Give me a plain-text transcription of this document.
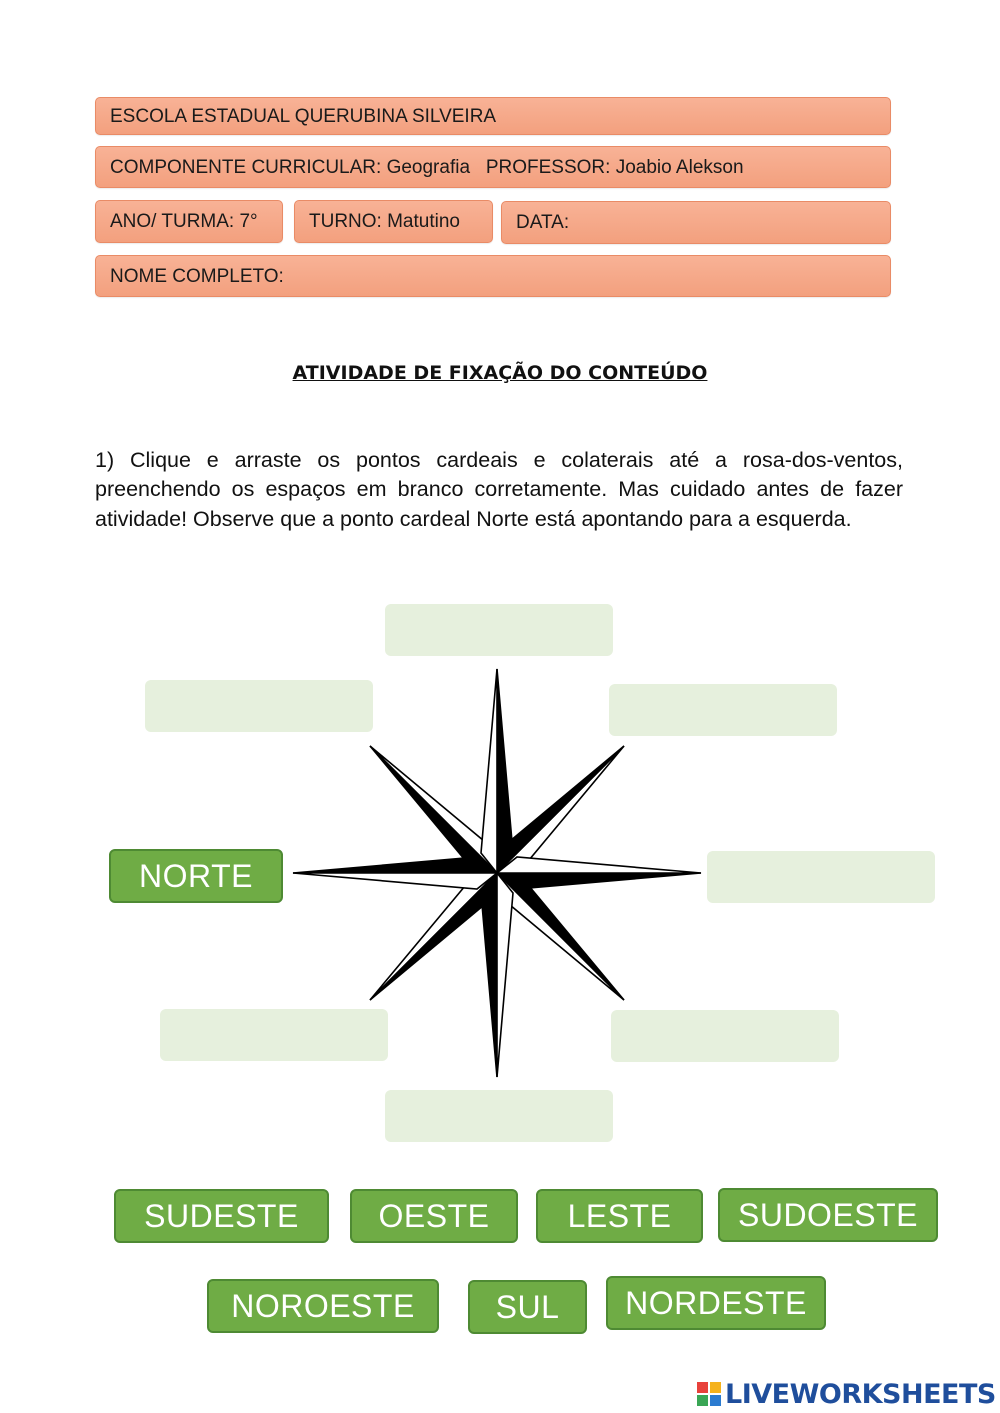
ESCOLA ESTADUAL QUERUBINA SILVEIRA
COMPONENTE CURRICULAR: Geografia   PROFESSOR: Joabio Alekson
ANO/ TURMA: 7°	TURNO: Matutino	DATA:
NOME COMPLETO:
ATIVIDADE DE FIXAÇÃO DO CONTEÚDO
1) Clique e arraste os pontos cardeais e colaterais até a rosa-dos-ventos, preenchendo os espaços em branco corretamente. Mas cuidado antes de fazer atividade! Observe que a ponto cardeal Norte está apontando para a esquerda.
NORTE
SUDESTE OESTE LESTE SUDOESTE
NOROESTE	SUL NORDESTE
LIVEWORKSHEETS
